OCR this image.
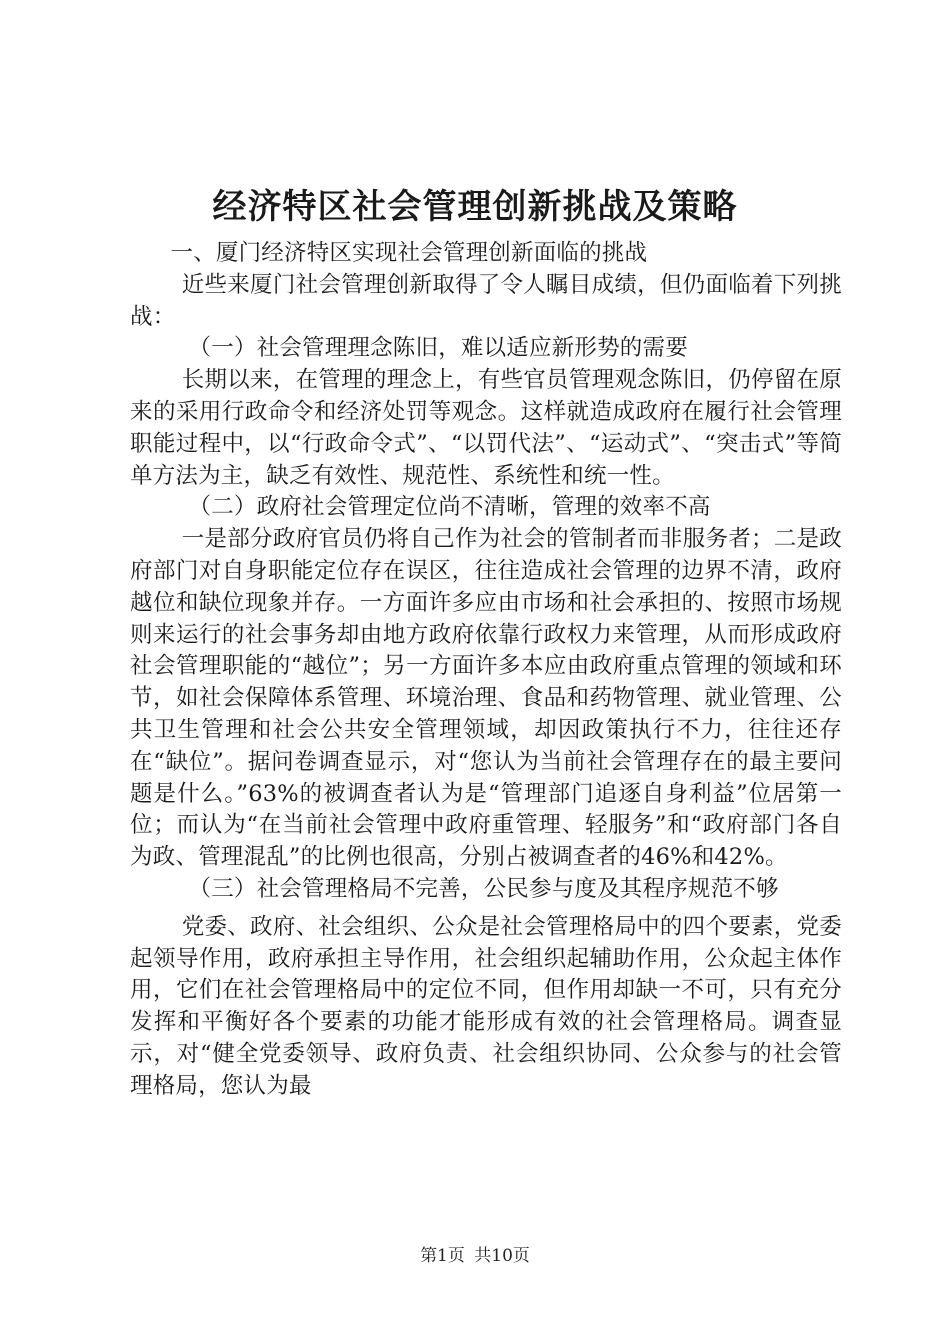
经济特区社会管理创新挑战及策略

一、厦门经济特区实现社会管理创新面临的挑战

近些来厦门社会管理创新取得了令人瞩目成绩，但仍面临着下列挑战：

（一）社会管理理念陈旧，难以适应新形势的需要

长期以来，在管理的理念上，有些官员管理观念陈旧，仍停留在原来的采用行政命令和经济处罚等观念。这样就造成政府在履行社会管理职能过程中，以“行政命令式”、“以罚代法”、“运动式”、“突击式”等简单方法为主，缺乏有效性、规范性、系统性和统一性。

（二）政府社会管理定位尚不清晰，管理的效率不高

一是部分政府官员仍将自己作为社会的管制者而非服务者；二是政府部门对自身职能定位存在误区，往往造成社会管理的边界不清，政府越位和缺位现象并存。一方面许多应由市场和社会承担的、按照市场规则来运行的社会事务却由地方政府依靠行政权力来管理，从而形成政府社会管理职能的“越位”；另一方面许多本应由政府重点管理的领域和环节，如社会保障体系管理、环境治理、食品和药物管理、就业管理、公共卫生管理和社会公共安全管理领域，却因政策执行不力，往往还存在“缺位”。据问卷调查显示，对“您认为当前社会管理存在的最主要问题是什么。”63%的被调查者认为是“管理部门追逐自身利益”位居第一位；而认为“在当前社会管理中政府重管理、轻服务”和“政府部门各自为政、管理混乱”的比例也很高，分别占被调查者的46%和42%。

（三）社会管理格局不完善，公民参与度及其程序规范不够

党委、政府、社会组织、公众是社会管理格局中的四个要素，党委起领导作用，政府承担主导作用，社会组织起辅助作用，公众起主体作用，它们在社会管理格局中的定位不同，但作用却缺一不可，只有充分发挥和平衡好各个要素的功能才能形成有效的社会管理格局。调查显示，对“健全党委领导、政府负责、社会组织协同、公众参与的社会管理格局，您认为最

第1页 共10页
